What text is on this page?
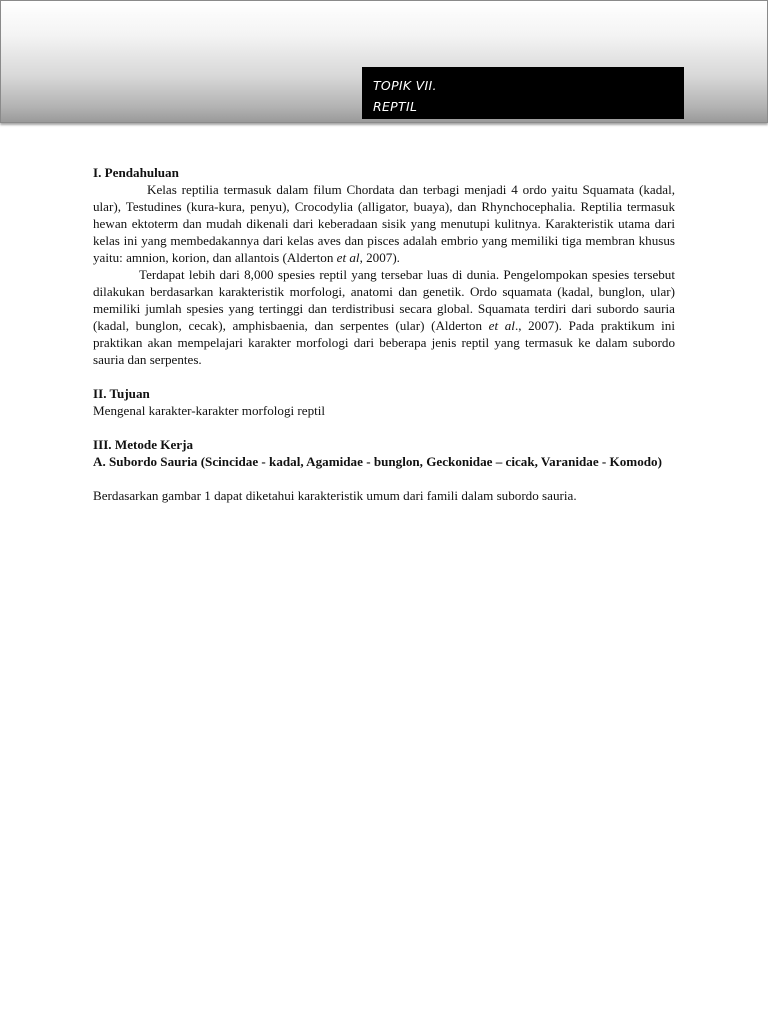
TOPIK VII.
REPTIL

I. Pendahuluan

Kelas reptilia termasuk dalam filum Chordata dan terbagi menjadi 4 ordo yaitu Squamata (kadal, ular), Testudines (kura-kura, penyu), Crocodylia (alligator, buaya), dan Rhynchocephalia. Reptilia termasuk hewan ektoterm dan mudah dikenali dari keberadaan sisik yang menutupi kulitnya. Karakteristik utama dari kelas ini yang membedakannya dari kelas aves dan pisces adalah embrio yang memiliki tiga membran khusus yaitu: amnion, korion, dan allantois (Alderton et al, 2007).

Terdapat lebih dari 8,000 spesies reptil yang tersebar luas di dunia. Pengelompokan spesies tersebut dilakukan berdasarkan karakteristik morfologi, anatomi dan genetik. Ordo squamata (kadal, bunglon, ular) memiliki jumlah spesies yang tertinggi dan terdistribusi secara global. Squamata terdiri dari subordo sauria (kadal, bunglon, cecak), amphisbaenia, dan serpentes (ular) (Alderton et al., 2007). Pada praktikum ini praktikan akan mempelajari karakter morfologi dari beberapa jenis reptil yang termasuk ke dalam subordo sauria dan serpentes.

II. Tujuan

Mengenal karakter-karakter morfologi reptil

III. Metode Kerja

A. Subordo Sauria (Scincidae - kadal, Agamidae - bunglon, Geckonidae – cicak, Varanidae - Komodo)

Berdasarkan gambar 1 dapat diketahui karakteristik umum dari famili dalam subordo sauria.
